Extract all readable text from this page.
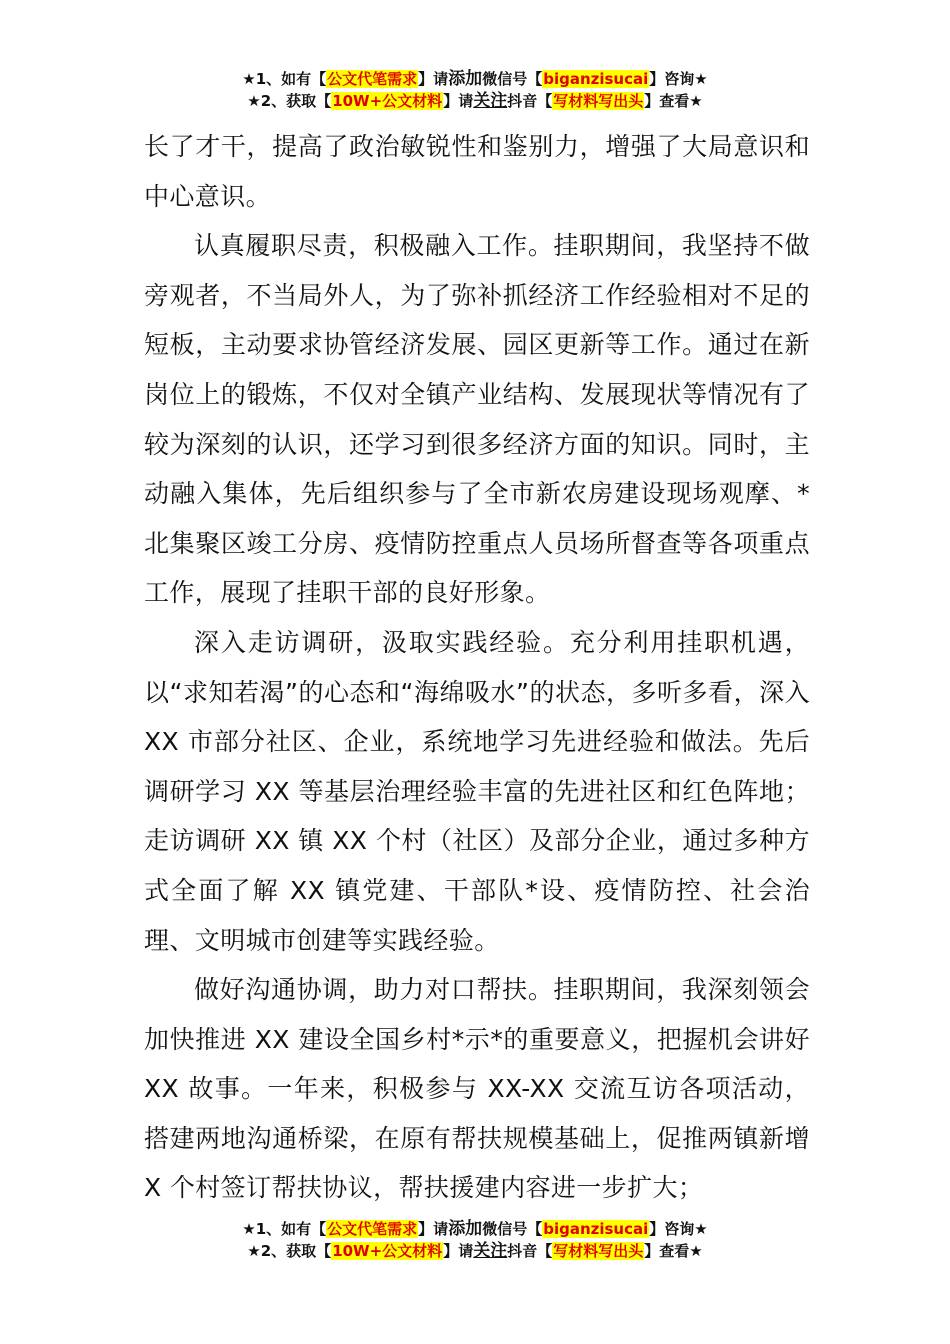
★1、如有【公文代笔需求】请添加微信号【biganzisucai】咨询★
★2、获取【10W+公文材料】请关注抖音【写材料写出头】查看★

长了才干，提高了政治敏锐性和鉴别力，增强了大局意识和中心意识。

认真履职尽责，积极融入工作。挂职期间，我坚持不做旁观者，不当局外人，为了弥补抓经济工作经验相对不足的短板，主动要求协管经济发展、园区更新等工作。通过在新岗位上的锻炼，不仅对全镇产业结构、发展现状等情况有了较为深刻的认识，还学习到很多经济方面的知识。同时，主动融入集体，先后组织参与了全市新农房建设现场观摩、*北集聚区竣工分房、疫情防控重点人员场所督查等各项重点工作，展现了挂职干部的良好形象。

深入走访调研，汲取实践经验。充分利用挂职机遇，以“求知若渴”的心态和“海绵吸水”的状态，多听多看，深入 XX 市部分社区、企业，系统地学习先进经验和做法。先后调研学习 XX 等基层治理经验丰富的先进社区和红色阵地；走访调研 XX 镇 XX 个村（社区）及部分企业，通过多种方式全面了解 XX 镇党建、干部队*设、疫情防控、社会治理、文明城市创建等实践经验。

做好沟通协调，助力对口帮扶。挂职期间，我深刻领会加快推进 XX 建设全国乡村*示*的重要意义，把握机会讲好 XX 故事。一年来，积极参与 XX-XX 交流互访各项活动，搭建两地沟通桥梁，在原有帮扶规模基础上，促推两镇新增 X 个村签订帮扶协议，帮扶援建内容进一步扩大；

★1、如有【公文代笔需求】请添加微信号【biganzisucai】咨询★
★2、获取【10W+公文材料】请关注抖音【写材料写出头】查看★
